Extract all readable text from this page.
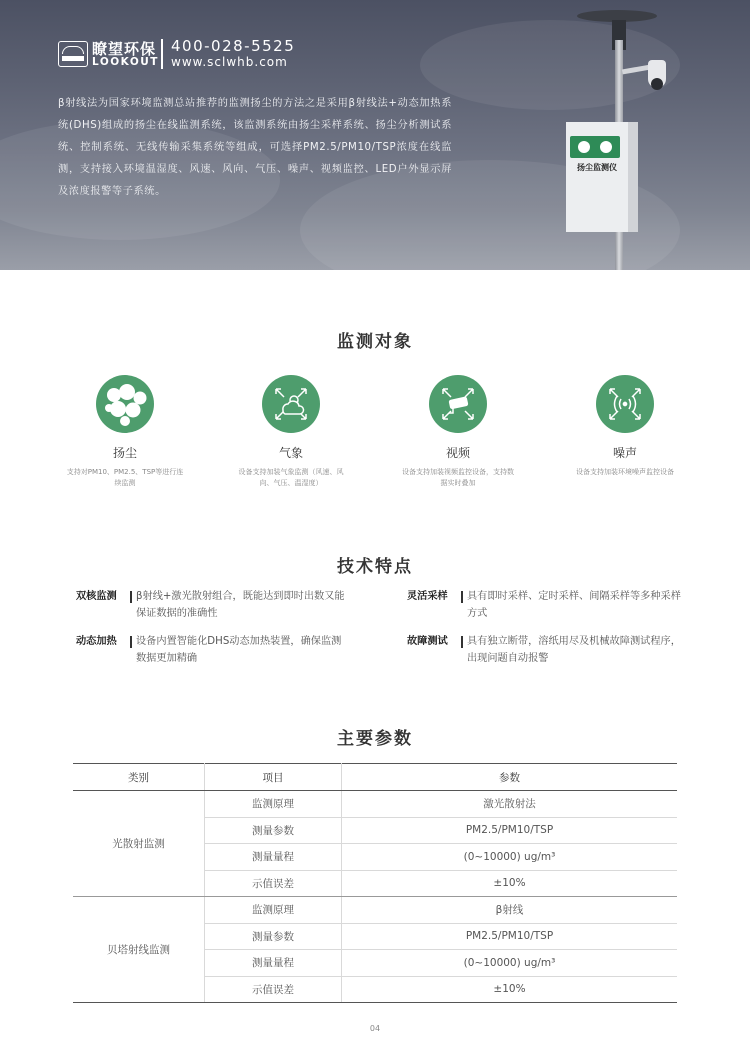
瞭望环保
LOOKOUT
400-028-5525
www.sclwhb.com
β射线法为国家环境监测总站推荐的监测扬尘的方法之是采用β射线法+动态加热系统(DHS)组成的扬尘在线监测系统，该监测系统由扬尘采样系统、扬尘分析测试系统、控制系统、无线传输采集系统等组成，可选择PM2.5/PM10/TSP浓度在线监测，支持接入环境温湿度、风速、风向、气压、噪声、视频监控、LED户外显示屏及浓度报警等子系统。
扬尘监测仪
监测对象
扬尘
支持对PM10、PM2.5、TSP等进行连续监测
气象
设备支持加装气象监测（风速、风向、气压、温湿度）
视频
设备支持加装视频监控设备，支持数据实时叠加
噪声
设备支持加装环境噪声监控设备
技术特点
双核监测 β射线+激光散射组合，既能达到即时出数又能保证数据的准确性
灵活采样 具有即时采样、定时采样、间隔采样等多种采样方式
动态加热 设备内置智能化DHS动态加热装置，确保监测数据更加精确
故障测试 具有独立断带，溶纸用尽及机械故障测试程序，出现问题自动报警
主要参数
类别	项目	参数
光散射监测	监测原理	激光散射法
	测量参数	PM2.5/PM10/TSP
	测量量程	(0~10000) ug/m³
	示值误差	±10%
贝塔射线监测	监测原理	β射线
	测量参数	PM2.5/PM10/TSP
	测量量程	(0~10000) ug/m³
	示值误差	±10%
04
